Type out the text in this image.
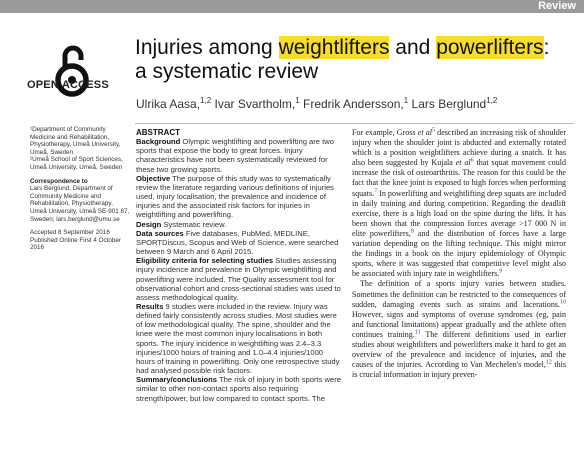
Review
OPEN ACCESS
Injuries among weightlifters and powerlifters:
a systematic review
Ulrika Aasa,$^{1,2}$ Ivar Svartholm,$^1$ Fredrik Andersson,$^1$ Lars Berglund$^{1,2}$

¹Department of Community Medicine and Rehabilitation, Physiotherapy, Umeå University, Umeå, Sweden

²Umeå School of Sport Sciences, Umeå University, Umeå, Sweden

Correspondence to

Lars Berglund, Department of Community Medicine and Rehabilitation, Physiotherapy, Umeå University, Umeå SE-901 87, Sweden; lars.berglund@umu.se

Accepted 8 September 2016 Published Online First 4 October 2016

ABSTRACT

Background Olympic weightlifting and powerlifting are two sports that expose the body to great forces. Injury characteristics have not been systematically reviewed for these two growing sports.

Objective The purpose of this study was to systematically review the literature regarding various definitions of injuries used, injury localisation, the prevalence and incidence of injuries and the associated risk factors for injuries in weightlifting and powerlifting.

Design Systematic review.

Data sources Five databases, PubMed, MEDLINE, SPORTDiscus, Scopus and Web of Science, were searched between 9 March and 6 April 2015.

Eligibility criteria for selecting studies Studies assessing injury incidence and prevalence in Olympic weightlifting and powerlifting were included. The Quality assessment tool for observational cohort and cross-sectional studies was used to assess methodological quality.

Results 9 studies were included in the review. Injury was defined fairly consistently across studies. Most studies were of low methodological quality. The spine, shoulder and the knee were the most common injury localisations in both sports. The injury incidence in weightlifting was 2.4–3.3 injuries/1000 hours of training and 1.0–4.4 injuries/1000 hours of training in powerlifting. Only one retrospective study had analysed possible risk factors.

Summary/conclusions The risk of injury in both sports were similar to other non-contact sports also requiring strength/power, but low compared to contact sports. The

For example, Gross et $al^5$ described an increasing risk of shoulder injury when the shoulder joint is abducted and externally rotated which is a position weightlifters achieve during a snatch. It has also been suggested by Kujala et $al^6$ that squat movement could increase the risk of osteoarthritis. The reason for this could be the fact that the knee joint is exposed to high forces when performing squats.$^7$ In powerlifting and weightlifting deep squats are included in daily training and during competition. Regarding the deadlift exercise, there is a high load on the spine during the lifts. It has been shown that the compression forces average >17 000 N in elite powerlifters,$^8$ and the distribution of forces have a large variation depending on the lifting technique. This might mirror the findings in a book on the injury epidemiology of Olympic sports, where it was suggested that competitive level might also be associated with injury rate in weightlifters.$^9$

The definition of a sports injury varies between studies. Sometimes the definition can be restricted to the consequences of sudden, damaging events such as strains and lacerations.$^{10}$ However, signs and symptoms of overuse syndromes (eg, pain and functional limitations) appear gradually and the athlete often continues training.$^{11}$ The different definitions used in earlier studies about weightlifters and powerlifters make it hard to get an overview of the prevalence and incidence of injuries, and the causes of the injuries. According to Van Mechelen's model,$^{12}$ this is crucial information in injury preven-
